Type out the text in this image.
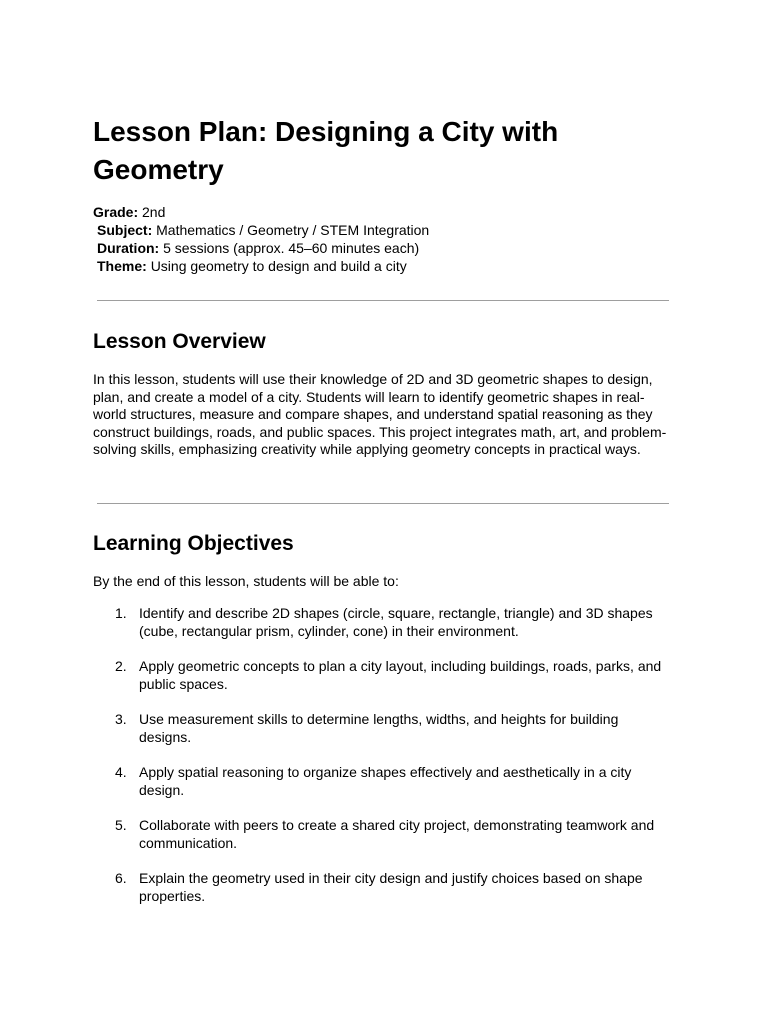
Lesson Plan: Designing a City with Geometry
Grade: 2nd
Subject: Mathematics / Geometry / STEM Integration
Duration: 5 sessions (approx. 45–60 minutes each)
Theme: Using geometry to design and build a city
Lesson Overview

In this lesson, students will use their knowledge of 2D and 3D geometric shapes to design, plan, and create a model of a city. Students will learn to identify geometric shapes in real-world structures, measure and compare shapes, and understand spatial reasoning as they construct buildings, roads, and public spaces. This project integrates math, art, and problem-solving skills, emphasizing creativity while applying geometry concepts in practical ways.

Learning Objectives

By the end of this lesson, students will be able to:

1. Identify and describe 2D shapes (circle, square, rectangle, triangle) and 3D shapes (cube, rectangular prism, cylinder, cone) in their environment.
2. Apply geometric concepts to plan a city layout, including buildings, roads, parks, and public spaces.
3. Use measurement skills to determine lengths, widths, and heights for building designs.
4. Apply spatial reasoning to organize shapes effectively and aesthetically in a city design.
5. Collaborate with peers to create a shared city project, demonstrating teamwork and communication.
6. Explain the geometry used in their city design and justify choices based on shape properties.
